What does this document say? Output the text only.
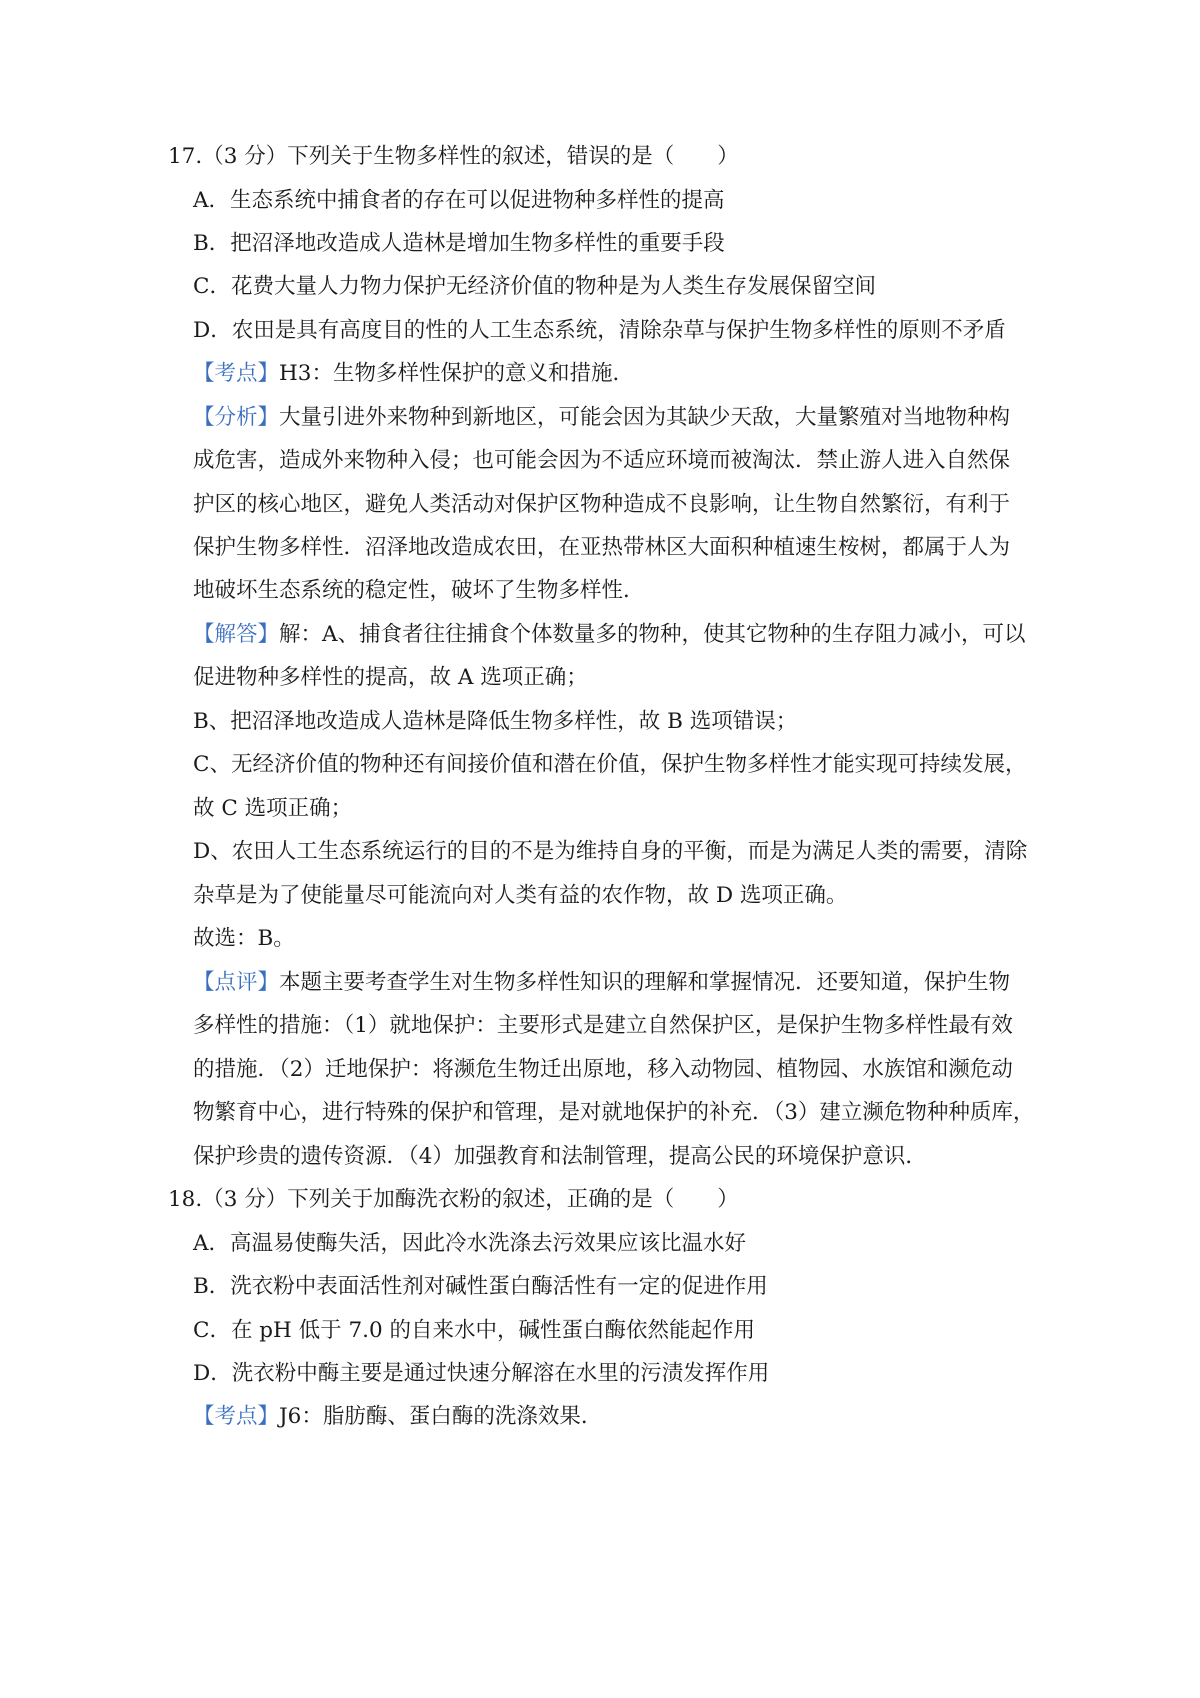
17.（3 分）下列关于生物多样性的叙述，错误的是（　　）
A．生态系统中捕食者的存在可以促进物种多样性的提高
B．把沼泽地改造成人造林是增加生物多样性的重要手段
C．花费大量人力物力保护无经济价值的物种是为人类生存发展保留空间
D．农田是具有高度目的性的人工生态系统，清除杂草与保护生物多样性的原则不矛盾
【考点】H3：生物多样性保护的意义和措施．
【分析】大量引进外来物种到新地区，可能会因为其缺少天敌，大量繁殖对当地物种构
成危害，造成外来物种入侵；也可能会因为不适应环境而被淘汰．禁止游人进入自然保
护区的核心地区，避免人类活动对保护区物种造成不良影响，让生物自然繁衍，有利于
保护生物多样性．沼泽地改造成农田，在亚热带林区大面积种植速生桉树，都属于人为
地破坏生态系统的稳定性，破坏了生物多样性．
【解答】解：A、捕食者往往捕食个体数量多的物种，使其它物种的生存阻力减小，可以
促进物种多样性的提高，故 A 选项正确；
B、把沼泽地改造成人造林是降低生物多样性，故 B 选项错误；
C、无经济价值的物种还有间接价值和潜在价值，保护生物多样性才能实现可持续发展，
故 C 选项正确；
D、农田人工生态系统运行的目的不是为维持自身的平衡，而是为满足人类的需要，清除
杂草是为了使能量尽可能流向对人类有益的农作物，故 D 选项正确。
故选：B。
【点评】本题主要考查学生对生物多样性知识的理解和掌握情况．还要知道，保护生物
多样性的措施：（1）就地保护：主要形式是建立自然保护区，是保护生物多样性最有效
的措施．（2）迁地保护：将濒危生物迁出原地，移入动物园、植物园、水族馆和濒危动
物繁育中心，进行特殊的保护和管理，是对就地保护的补充．（3）建立濒危物种种质库，
保护珍贵的遗传资源．（4）加强教育和法制管理，提高公民的环境保护意识．
18.（3 分）下列关于加酶洗衣粉的叙述，正确的是（　　）
A．高温易使酶失活，因此冷水洗涤去污效果应该比温水好
B．洗衣粉中表面活性剂对碱性蛋白酶活性有一定的促进作用
C．在 pH 低于 7.0 的自来水中，碱性蛋白酶依然能起作用
D．洗衣粉中酶主要是通过快速分解溶在水里的污渍发挥作用
【考点】J6：脂肪酶、蛋白酶的洗涤效果．
